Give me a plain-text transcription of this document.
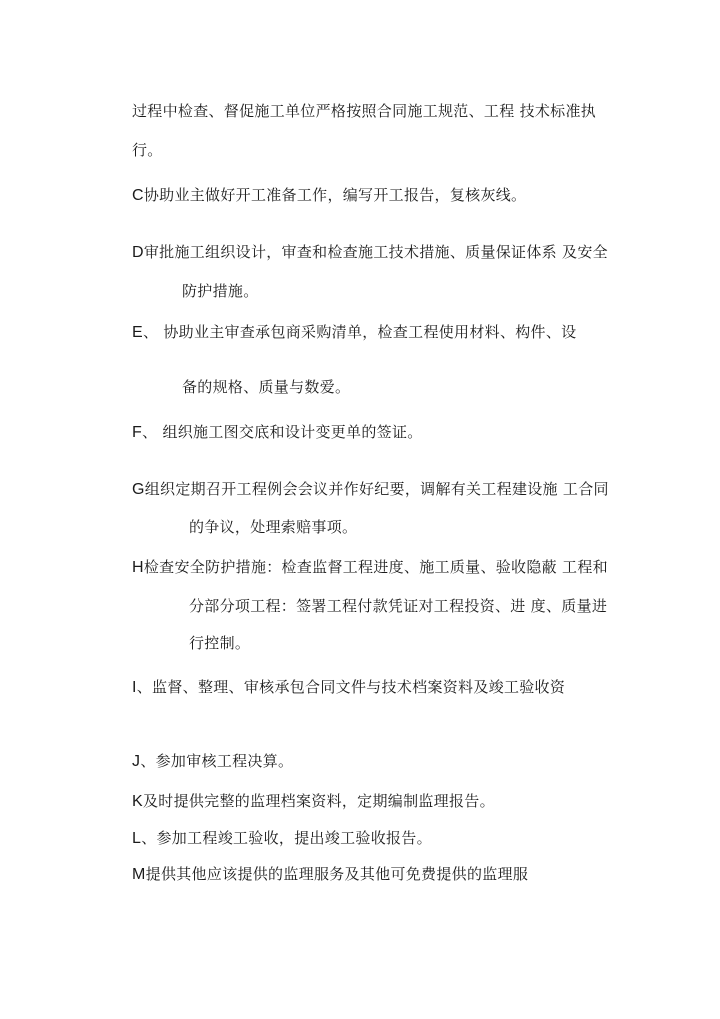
过程中检查、督促施工单位严格按照合同施工规范、工程 技术标准执
行。
C协助业主做好开工准备工作，编写开工报告，复核灰线。
D审批施工组织设计，审查和检查施工技术措施、质量保证体系 及安全
防护措施。
E、 协助业主审查承包商采购清单，检查工程使用材料、构件、设
备的规格、质量与数爱。
F、 组织施工图交底和设计变更单的签证。
G组织定期召开工程例会会议并作好纪要，调解有关工程建设施 工合同
的争议，处理索赔事项。
H检查安全防护措施：检查监督工程进度、施工质量、验收隐蔽 工程和
分部分项工程：签署工程付款凭证对工程投资、进 度、质量进
行控制。
I、监督、整理、审核承包合同文件与技术档案资料及竣工验收资
J、参加审核工程决算。
K及时提供完整的监理档案资料，定期编制监理报告。
L、参加工程竣工验收，提出竣工验收报告。
M提供其他应该提供的监理服务及其他可免费提供的监理服
